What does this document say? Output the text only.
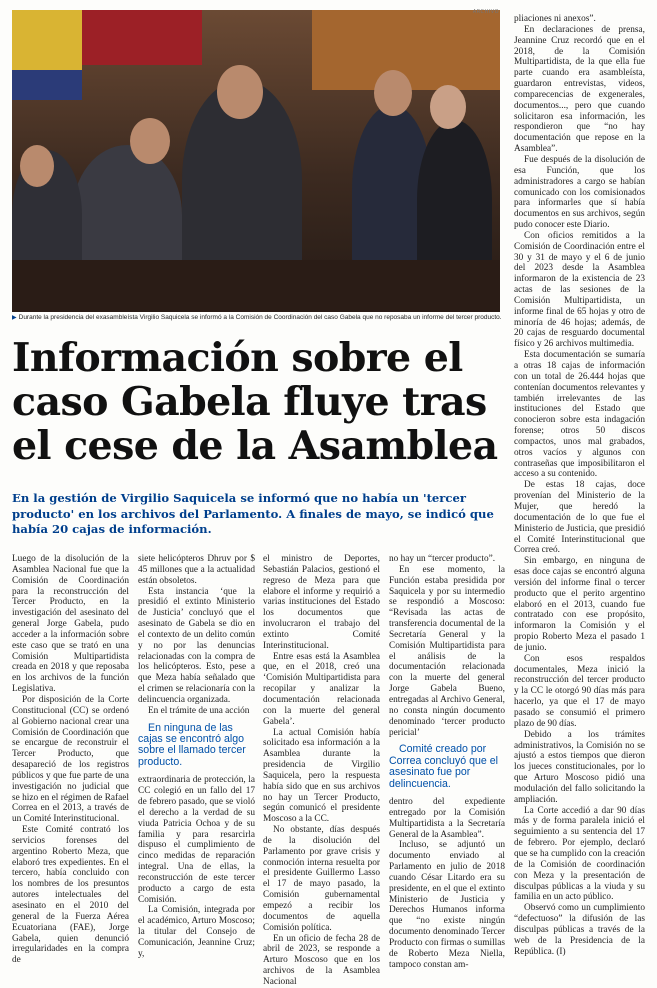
ARCHIVO
▶ Durante la presidencia del exasambleísta Virgilio Saquicela se informó a la Comisión de Coordinación del caso Gabela que no reposaba un informe del tercer producto.
Información sobre el caso Gabela fluye tras el cese de la Asamblea
En la gestión de Virgilio Saquicela se informó que no había un 'tercer producto' en los archivos del Parlamento. A finales de mayo, se indicó que había 20 cajas de información.

Luego de la disolución de la Asamblea Nacional fue que la Comisión de Coordinación para la reconstrucción del Tercer Producto, en la investigación del asesinato del general Jorge Gabela, pudo acceder a la información sobre este caso que se trató en una Comisión Multipartidista creada en 2018 y que reposaba en los archivos de la función Legislativa.

Por disposición de la Corte Constitucional (CC) se ordenó al Gobierno nacional crear una Comisión de Coordinación que se encargue de reconstruir el Tercer Producto, que desapareció de los registros públicos y que fue parte de una investigación no judicial que se hizo en el régimen de Rafael Correa en el 2013, a través de un Comité Interinstitucional.

Este Comité contrató los servicios forenses del argentino Roberto Meza, que elaboró tres expedientes. En el tercero, había concluido con los nombres de los presuntos autores intelectuales del asesinato en el 2010 del general de la Fuerza Aérea Ecuatoriana (FAE), Jorge Gabela, quien denunció irregularidades en la compra de

siete helicópteros Dhruv por $ 45 millones que a la actualidad están obsoletos.

Esta instancia ‘que la presidió el extinto Ministerio de Justicia’ concluyó que el asesinato de Gabela se dio en el contexto de un delito común y no por las denuncias relacionadas con la compra de los helicópteros. Esto, pese a que Meza había señalado que el crimen se relacionaría con la delincuencia organizada.

En el trámite de una acción

En ninguna de las cajas se encontró algo sobre el llamado tercer producto.

extraordinaria de protección, la CC colegió en un fallo del 17 de febrero pasado, que se violó el derecho a la verdad de su viuda Patricia Ochoa y de su familia y para resarcirla dispuso el cumplimiento de cinco medidas de reparación integral. Una de ellas, la reconstrucción de este tercer producto a cargo de esta Comisión.

La Comisión, integrada por el académico, Arturo Moscoso; la titular del Consejo de Comunicación, Jeannine Cruz; y,

el ministro de Deportes, Sebastián Palacios, gestionó el regreso de Meza para que elabore el informe y requirió a varias instituciones del Estado los documentos que involucraron el trabajo del extinto Comité Interinstitucional.

Entre esas está la Asamblea que, en el 2018, creó una ‘Comisión Multipartidista para recopilar y analizar la documentación relacionada con la muerte del general Gabela’.

La actual Comisión había solicitado esa información a la Asamblea durante la presidencia de Virgilio Saquicela, pero la respuesta había sido que en sus archivos no hay un Tercer Producto, según comunicó el presidente Moscoso a la CC.

No obstante, días después de la disolución del Parlamento por grave crisis y conmoción interna resuelta por el presidente Guillermo Lasso el 17 de mayo pasado, la Comisión gubernamental empezó a recibir los documentos de aquella Comisión política.

En un oficio de fecha 28 de abril de 2023, se responde a Arturo Moscoso que en los archivos de la Asamblea Nacional

no hay un “tercer producto”.

En ese momento, la Función estaba presidida por Saquicela y por su intermedio se respondió a Moscoso: “Revisada las actas de transferencia documental de la Secretaría General y la Comisión Multipartidista para el análisis de la documentación relacionada con la muerte del general Jorge Gabela Bueno, entregadas al Archivo General, no consta ningún documento denominado ‘tercer producto pericial’

Comité creado por Correa concluyó que el asesinato fue por delincuencia.

dentro del expediente entregado por la Comisión Multipartidista a la Secretaría General de la Asamblea”.

Incluso, se adjuntó un documento enviado al Parlamento en julio de 2018 cuando César Litardo era su presidente, en el que el extinto Ministerio de Justicia y Derechos Humanos informa que “no existe ningún documento denominado Tercer Producto con firmas o sumillas de Roberto Meza Niella, tampoco constan am-

pliaciones ni anexos”.

En declaraciones de prensa, Jeannine Cruz recordó que en el 2018, de la Comisión Multipartidista, de la que ella fue parte cuando era asambleísta, guardaron entrevistas, videos, comparecencias de exgenerales, documentos..., pero que cuando solicitaron esa información, les respondieron que “no hay documentación que repose en la Asamblea”.

Fue después de la disolución de esa Función, que los administradores a cargo se habían comunicado con los comisionados para informarles que sí había documentos en sus archivos, según pudo conocer este Diario.

Con oficios remitidos a la Comisión de Coordinación entre el 30 y 31 de mayo y el 6 de junio del 2023 desde la Asamblea informaron de la existencia de 23 actas de las sesiones de la Comisión Multipartidista, un informe final de 65 hojas y otro de minoría de 46 hojas; además, de 20 cajas de resguardo documental físico y 26 archivos multimedia.

Esta documentación se sumaría a otras 18 cajas de información con un total de 26.444 hojas que contenían documentos relevantes y también irrelevantes de las instituciones del Estado que conocieron sobre esta indagación forense; otros 50 discos compactos, unos mal grabados, otros vacíos y algunos con contraseñas que imposibilitaron el acceso a su contenido.

De estas 18 cajas, doce provenían del Ministerio de la Mujer, que heredó la documentación de lo que fue el Ministerio de Justicia, que presidió el Comité Interinstitucional que Correa creó.

Sin embargo, en ninguna de esas doce cajas se encontró alguna versión del informe final o tercer producto que el perito argentino elaboró en el 2013, cuando fue contratado con ese propósito, informaron la Comisión y el propio Roberto Meza el pasado 1 de junio.

Con esos respaldos documentales, Meza inició la reconstrucción del tercer producto y la CC le otorgó 90 días más para hacerlo, ya que el 17 de mayo pasado se consumió el primero plazo de 90 días.

Debido a los trámites administrativos, la Comisión no se ajustó a estos tiempos que dieron los jueces constitucionales, por lo que Arturo Moscoso pidió una modulación del fallo solicitando la ampliación.

La Corte accedió a dar 90 días más y de forma paralela inició el seguimiento a su sentencia del 17 de febrero. Por ejemplo, declaró que se ha cumplido con la creación de la Comisión de coordinación con Meza y la presentación de disculpas públicas a la viuda y su familia en un acto público.

Observó como un cumplimiento “defectuoso” la difusión de las disculpas públicas a través de la web de la Presidencia de la República. (I)
